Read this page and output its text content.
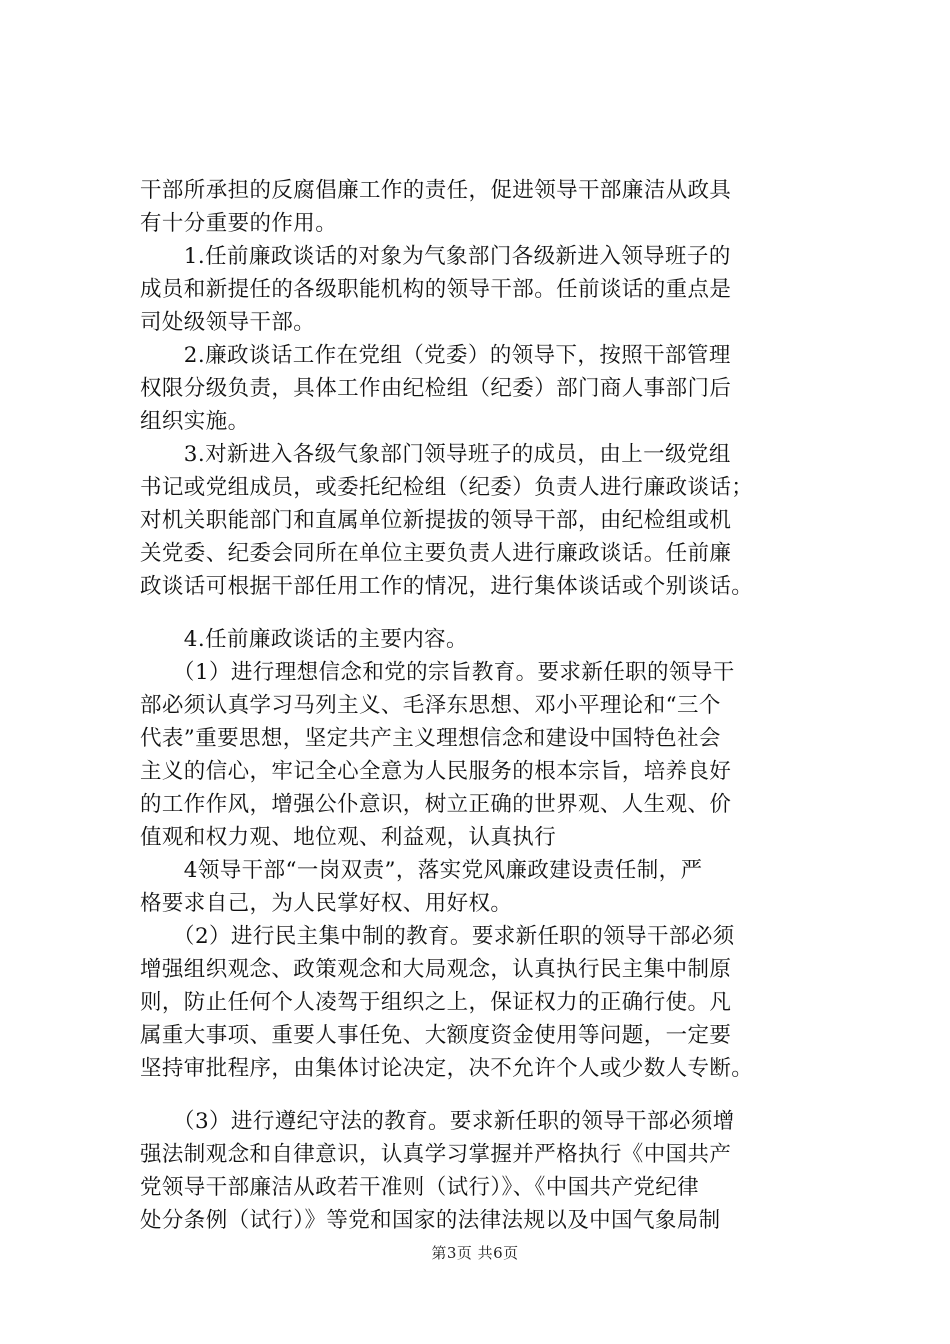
干部所承担的反腐倡廉工作的责任，促进领导干部廉洁从政具
有十分重要的作用。
　　1.任前廉政谈话的对象为气象部门各级新进入领导班子的
成员和新提任的各级职能机构的领导干部。任前谈话的重点是
司处级领导干部。
　　2.廉政谈话工作在党组（党委）的领导下，按照干部管理
权限分级负责，具体工作由纪检组（纪委）部门商人事部门后
组织实施。
　　3.对新进入各级气象部门领导班子的成员，由上一级党组
书记或党组成员，或委托纪检组（纪委）负责人进行廉政谈话；
对机关职能部门和直属单位新提拔的领导干部，由纪检组或机
关党委、纪委会同所在单位主要负责人进行廉政谈话。任前廉
政谈话可根据干部任用工作的情况，进行集体谈话或个别谈话。
　　4.任前廉政谈话的主要内容。
　　（1）进行理想信念和党的宗旨教育。要求新任职的领导干
部必须认真学习马列主义、毛泽东思想、邓小平理论和“三个
代表”重要思想，坚定共产主义理想信念和建设中国特色社会
主义的信心，牢记全心全意为人民服务的根本宗旨，培养良好
的工作作风，增强公仆意识，树立正确的世界观、人生观、价
值观和权力观、地位观、利益观，认真执行
　　4领导干部“一岗双责”，落实党风廉政建设责任制，严
格要求自己，为人民掌好权、用好权。
　　（2）进行民主集中制的教育。要求新任职的领导干部必须
增强组织观念、政策观念和大局观念，认真执行民主集中制原
则，防止任何个人凌驾于组织之上，保证权力的正确行使。凡
属重大事项、重要人事任免、大额度资金使用等问题，一定要
坚持审批程序，由集体讨论决定，决不允许个人或少数人专断。
　　（3）进行遵纪守法的教育。要求新任职的领导干部必须增
强法制观念和自律意识，认真学习掌握并严格执行《中国共产
党领导干部廉洁从政若干准则（试行）》、《中国共产党纪律
处分条例（试行）》等党和国家的法律法规以及中国气象局制
第3页 共6页
